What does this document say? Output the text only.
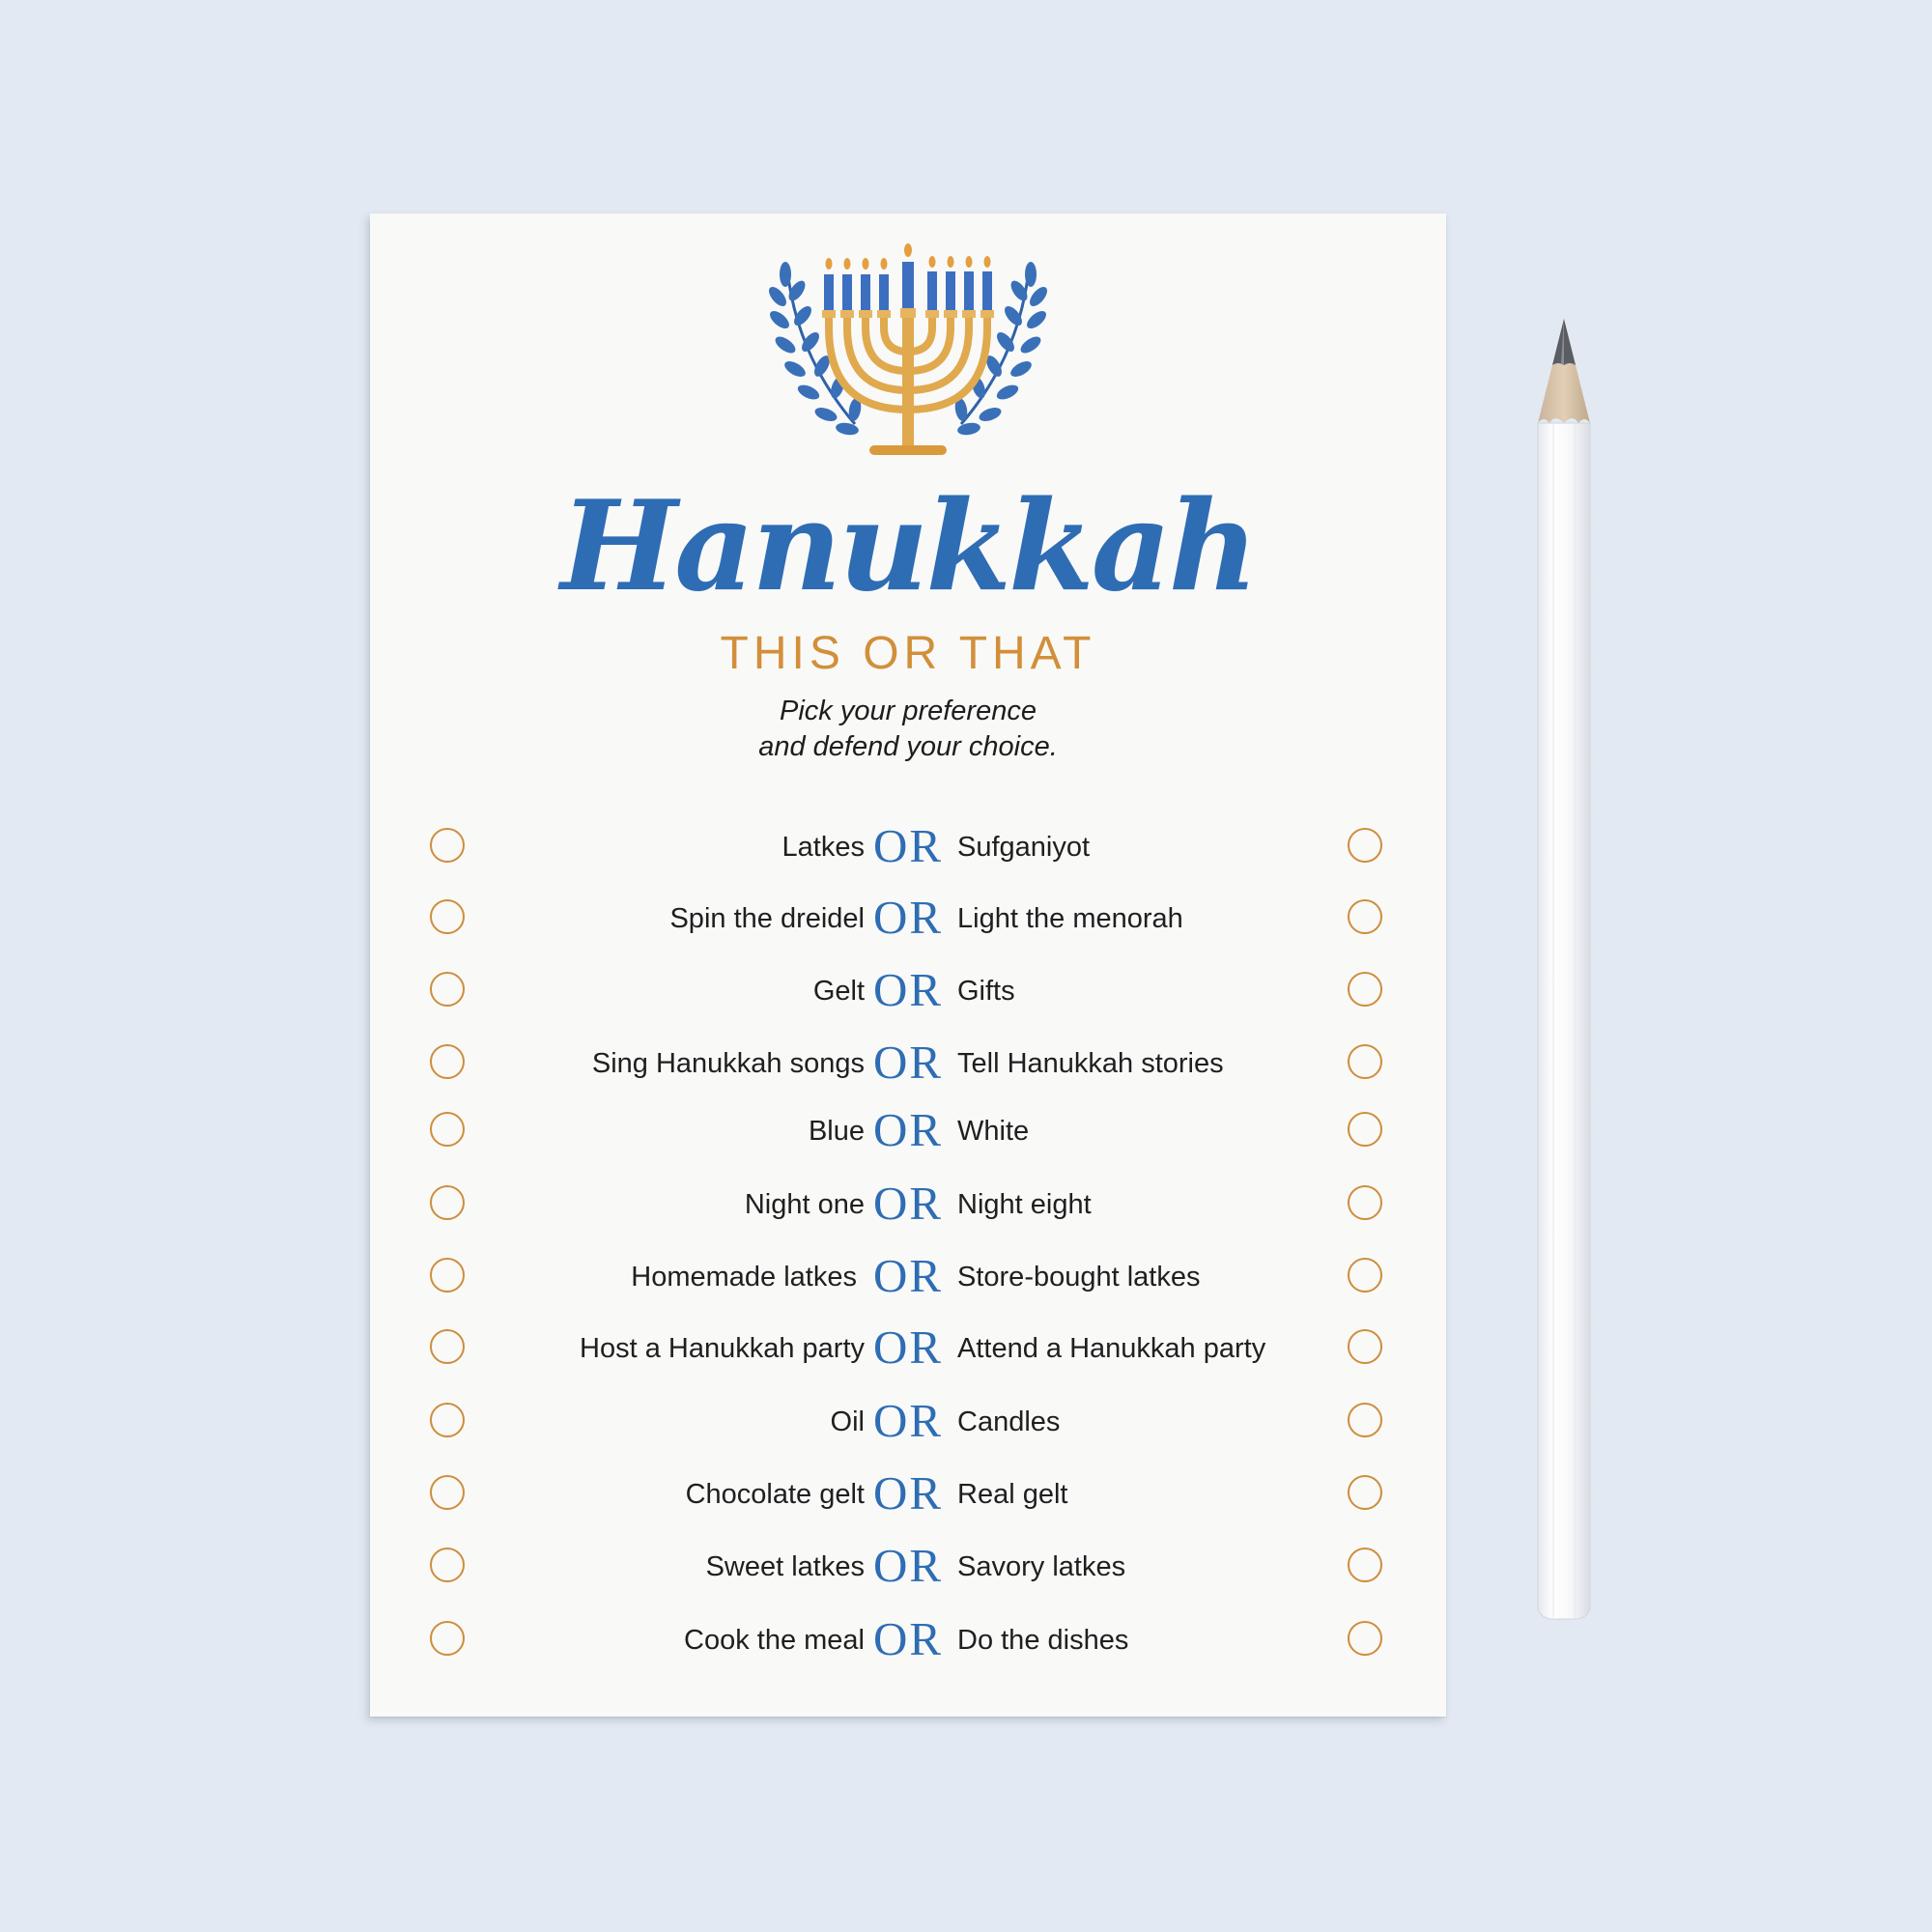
Hanukkah
THIS OR THAT
Pick your preference
and defend your choice.
Latkes OR Sufganiyot
Spin the dreidel OR Light the menorah
Gelt OR Gifts
Sing Hanukkah songs OR Tell Hanukkah stories
Blue OR White
Night one OR Night eight
Homemade latkes OR Store-bought latkes
Host a Hanukkah party OR Attend a Hanukkah party
Oil OR Candles
Chocolate gelt OR Real gelt
Sweet latkes OR Savory latkes
Cook the meal OR Do the dishes
